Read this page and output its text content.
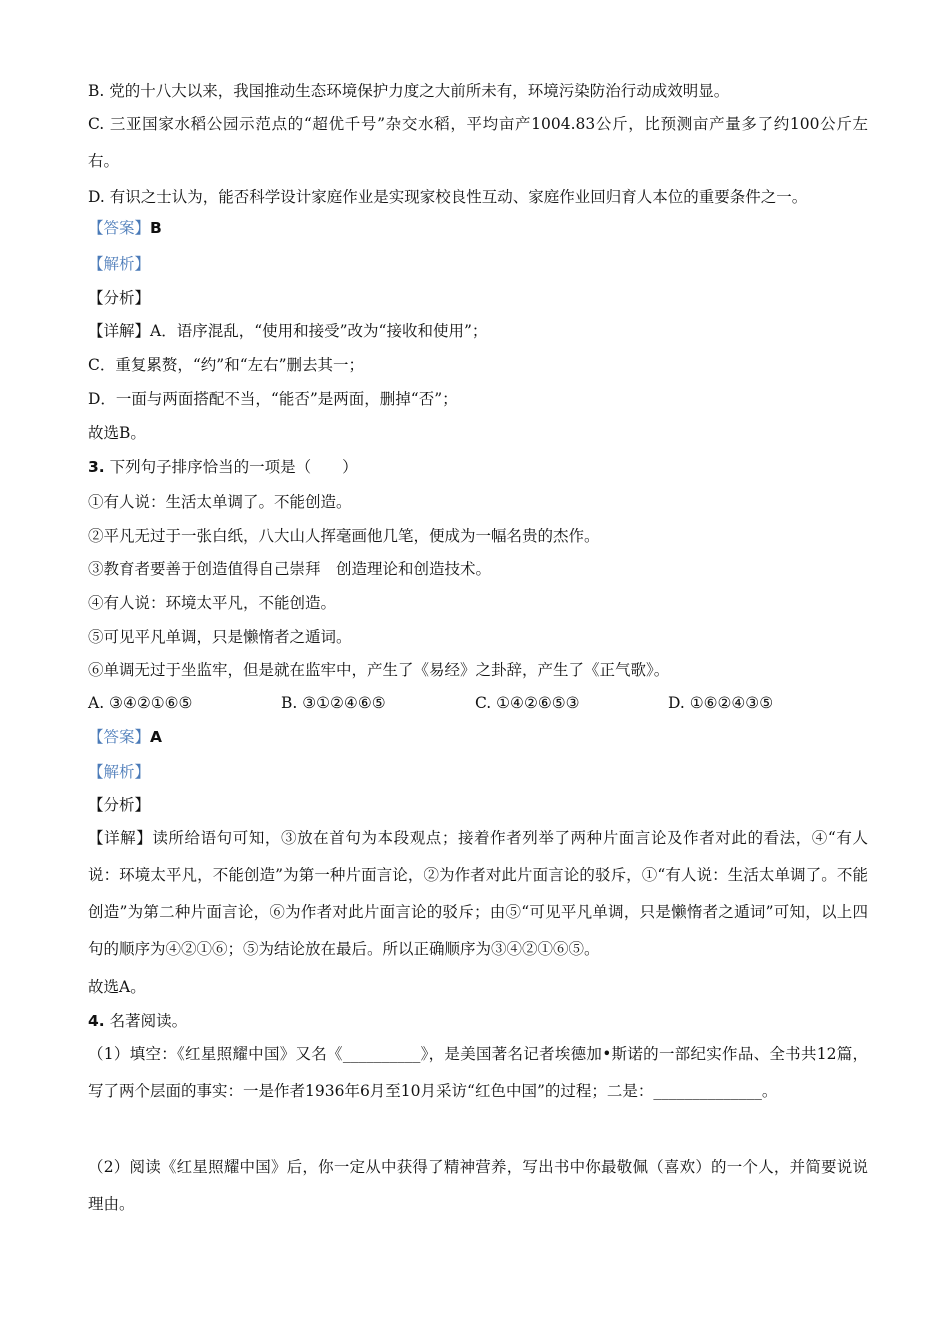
B. 党的十八大以来，我国推动生态环境保护力度之大前所未有，环境污染防治行动成效明显。
C. 三亚国家水稻公园示范点的“超优千号”杂交水稻，平均亩产1004.83公斤，比预测亩产量多了约100公斤左右。
D. 有识之士认为，能否科学设计家庭作业是实现家校良性互动、家庭作业回归育人本位的重要条件之一。
【答案】B
【解析】
【分析】
【详解】A．语序混乱，“使用和接受”改为“接收和使用”；
C．重复累赘，“约”和“左右”删去其一；
D．一面与两面搭配不当，“能否”是两面，删掉“否”；
故选B。
3. 下列句子排序恰当的一项是（　　）
①有人说：生活太单调了。不能创造。
②平凡无过于一张白纸，八大山人挥毫画他几笔，便成为一幅名贵的杰作。
③教育者要善于创造值得自己崇拜　创造理论和创造技术。
④有人说：环境太平凡，不能创造。
⑤可见平凡单调，只是懒惰者之遁词。
⑥单调无过于坐监牢，但是就在监牢中，产生了《易经》之卦辞，产生了《正气歌》。
A. ③④②①⑥⑤	B. ③①②④⑥⑤	C. ①④②⑥⑤③	D. ①⑥②④③⑤
【答案】A
【解析】
【分析】
【详解】读所给语句可知，③放在首句为本段观点；接着作者列举了两种片面言论及作者对此的看法，④“有人说：环境太平凡，不能创造”为第一种片面言论，②为作者对此片面言论的驳斥，①“有人说：生活太单调了。不能创造”为第二种片面言论，⑥为作者对此片面言论的驳斥；由⑤“可见平凡单调，只是懒惰者之遁词”可知，以上四句的顺序为④②①⑥；⑤为结论放在最后。所以正确顺序为③④②①⑥⑤。
故选A。
4. 名著阅读。
（1）填空：《红星照耀中国》又名《__________》，是美国著名记者埃德加•斯诺的一部纪实作品、全书共12篇，写了两个层面的事实：一是作者1936年6月至10月采访“红色中国”的过程；二是：______________。
（2）阅读《红星照耀中国》后，你一定从中获得了精神营养，写出书中你最敬佩（喜欢）的一个人，并简要说说理由。
